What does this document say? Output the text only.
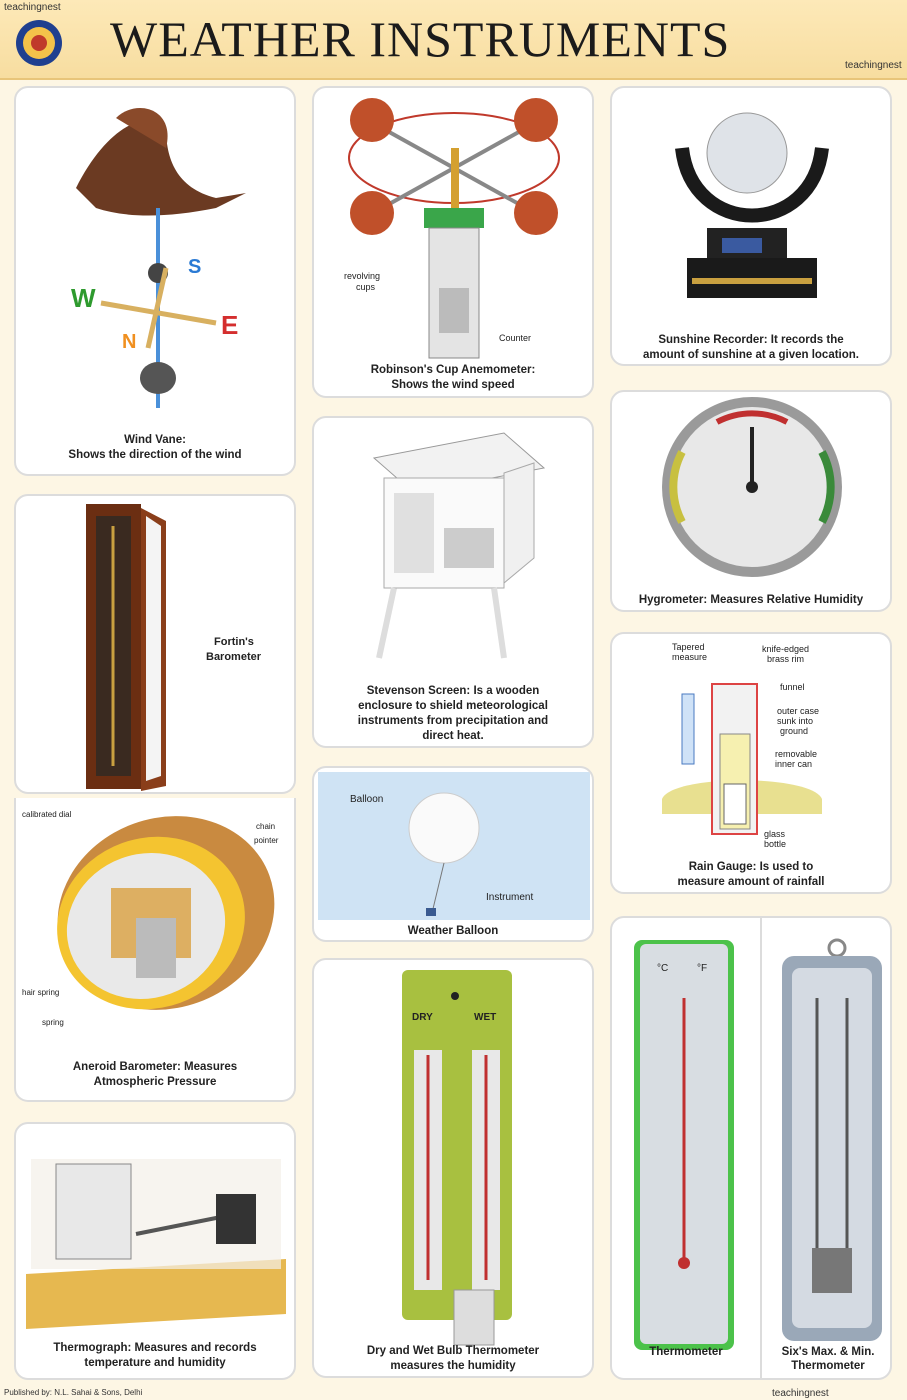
teachingnest
WEATHER INSTRUMENTS	teachingnest
S
N
W
E
Wind Vane:
Shows the direction of the wind
revolving
cups
Counter
Robinson's Cup Anemometer:
Shows the wind speed
Sunshine Recorder: It records the
amount of sunshine at a given location.
Fortin's
Barometer
calibrated dial
chain
pointer
hair spring
spring
Aneroid Barometer: Measures
Atmospheric Pressure
Stevenson Screen: Is a wooden
enclosure to shield meteorological
instruments from precipitation and
direct heat.
Hygrometer: Measures Relative Humidity
Tapered
measure
knife-edged
brass rim
funnel
outer case
sunk into
ground
removable
inner can
glass
bottle
Rain Gauge: Is used to
measure amount of rainfall
Balloon
Instrument
Weather Balloon
Thermograph: Measures and records
temperature and humidity
DRY	WET
Dry and Wet Bulb Thermometer
measures the humidity
°C	°F
Thermometer	Six's Max. & Min.
Thermometer
Published by: N.L. Sahai & Sons, Delhi	teachingnest
